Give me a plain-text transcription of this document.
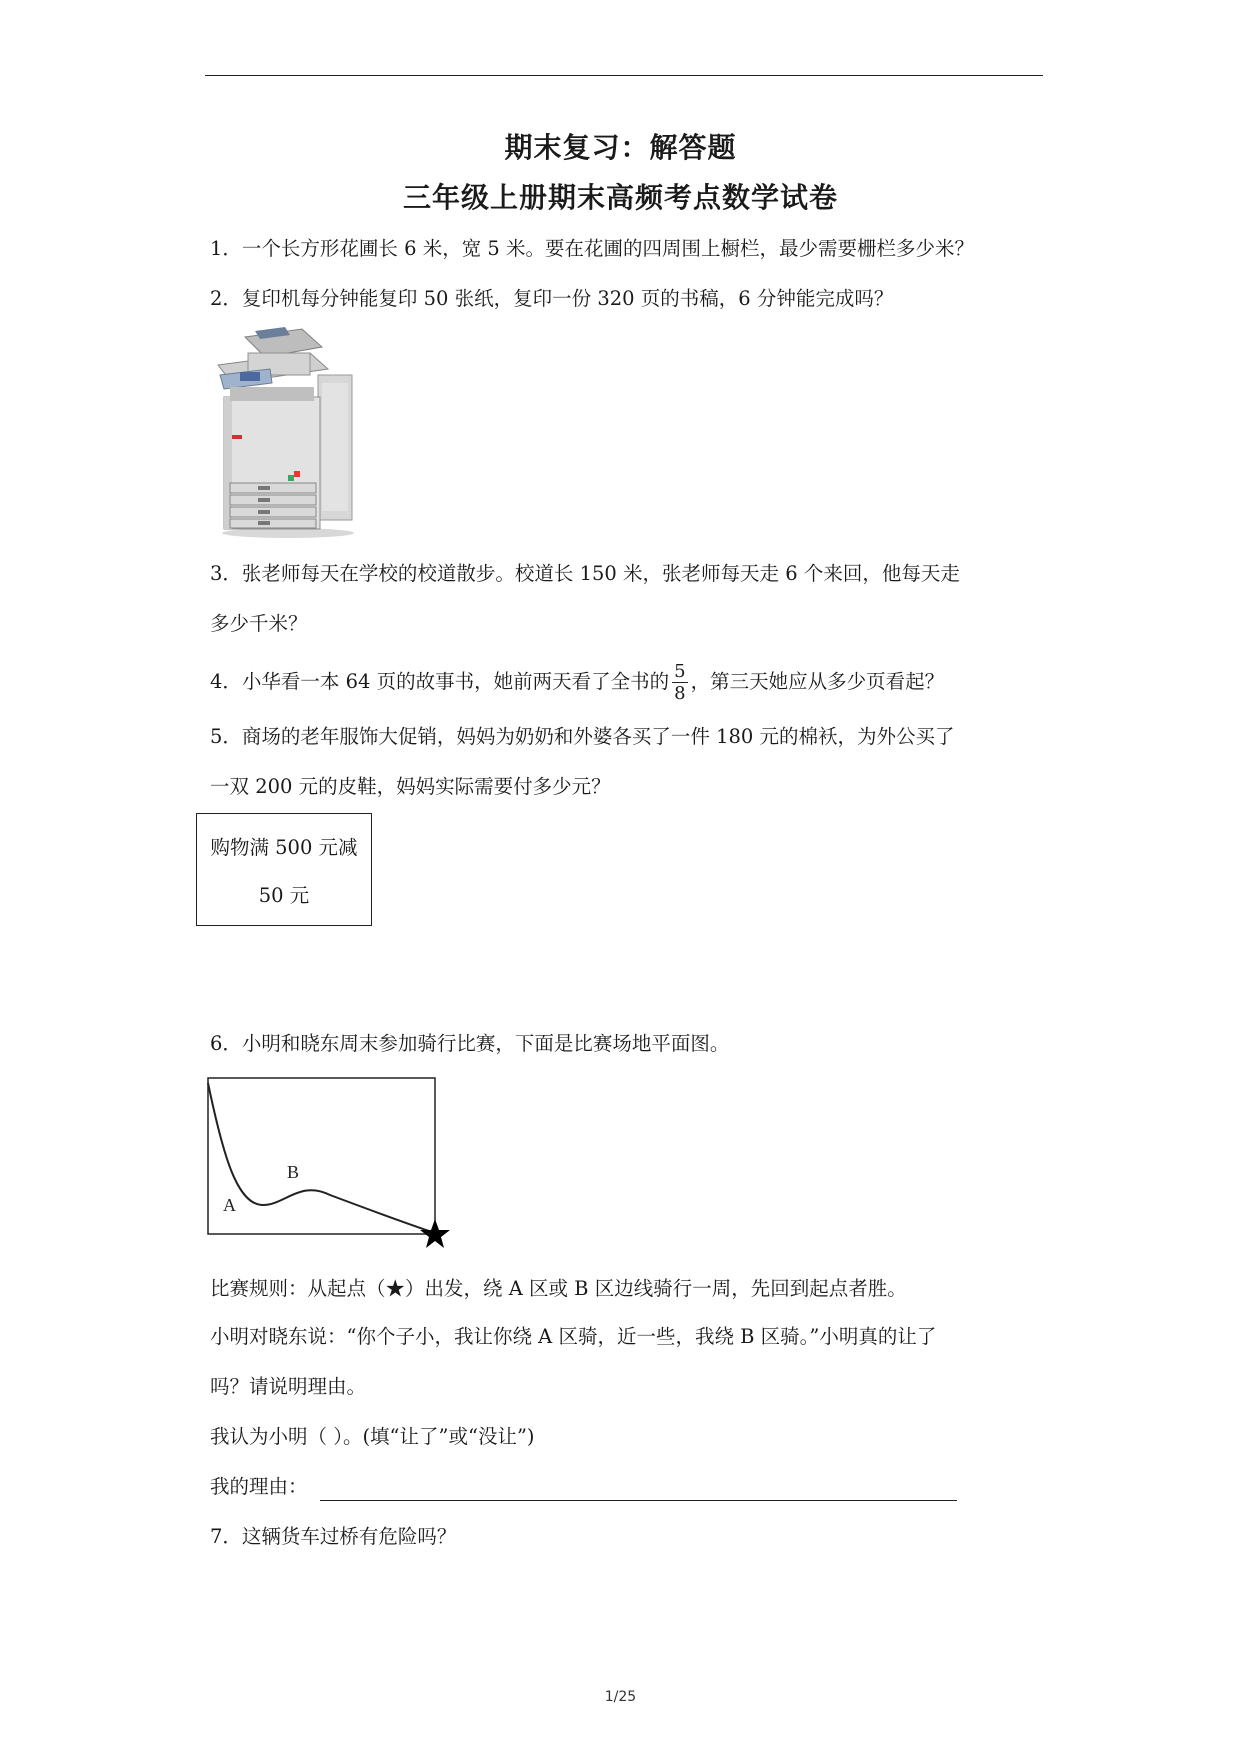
期末复习：解答题
三年级上册期末高频考点数学试卷
1．一个长方形花圃长 6 米，宽 5 米。要在花圃的四周围上橱栏，最少需要栅栏多少米？
2．复印机每分钟能复印 50 张纸，复印一份 320 页的书稿，6 分钟能完成吗？
3．张老师每天在学校的校道散步。校道长 150 米，张老师每天走 6 个来回，他每天走
多少千米？
4．小华看一本 64 页的故事书，她前两天看了全书的 $\frac{5}{8}$ ，第三天她应从多少页看起？
5．商场的老年服饰大促销，妈妈为奶奶和外婆各买了一件 180 元的棉袄，为外公买了
一双 200 元的皮鞋，妈妈实际需要付多少元？
购物满 500 元减
50 元
6．小明和晓东周末参加骑行比赛，下面是比赛场地平面图。
A
B
比赛规则：从起点（★）出发，绕 A 区或 B 区边线骑行一周，先回到起点者胜。
小明对晓东说：“你个子小，我让你绕 A 区骑，近一些，我绕 B 区骑。”小明真的让了
吗？请说明理由。
我认为小明（ ）。(填“让了”或“没让”)
我的理由：
7．这辆货车过桥有危险吗？
1/25
